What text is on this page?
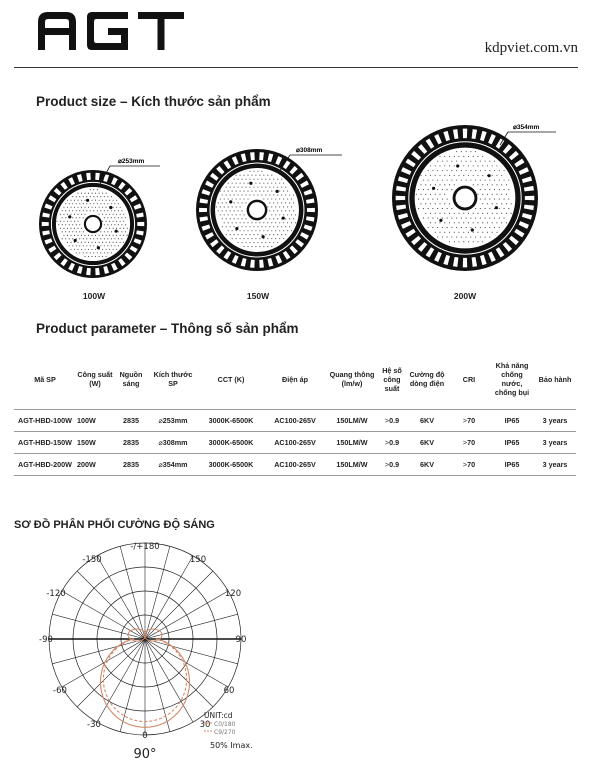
kdpviet.com.vn
Product size – Kích thước sản phẩm
⌀253mm
⌀308mm
⌀354mm
100W	150W	200W
Product parameter – Thông số sản phẩm
Mã SP	Công suất (W)	Nguồn sáng	Kích thước SP	CCT (K)	Điện áp	Quang thông (lm/w)	Hệ số công suất	Cường độ dòng điện	CRI	Khả năng chống nước, chống bụi	Bảo hành
AGT-HBD-100W	100W	2835	⌀253mm	3000K-6500K	AC100-265V	150LM/W	>0.9	6KV	>70	IP65	3 years
AGT-HBD-150W	150W	2835	⌀308mm	3000K-6500K	AC100-265V	150LM/W	>0.9	6KV	>70	IP65	3 years
AGT-HBD-200W	200W	2835	⌀354mm	3000K-6500K	AC100-265V	150LM/W	>0.9	6KV	>70	IP65	3 years
SƠ ĐỒ PHÂN PHỐI CƯỜNG ĐỘ SÁNG
-/+180
-150	150
-120	120
-90	90
-60	60
-30	30
0
UNIT:cd
C0/180
C9/270
90°
50% Imax.
